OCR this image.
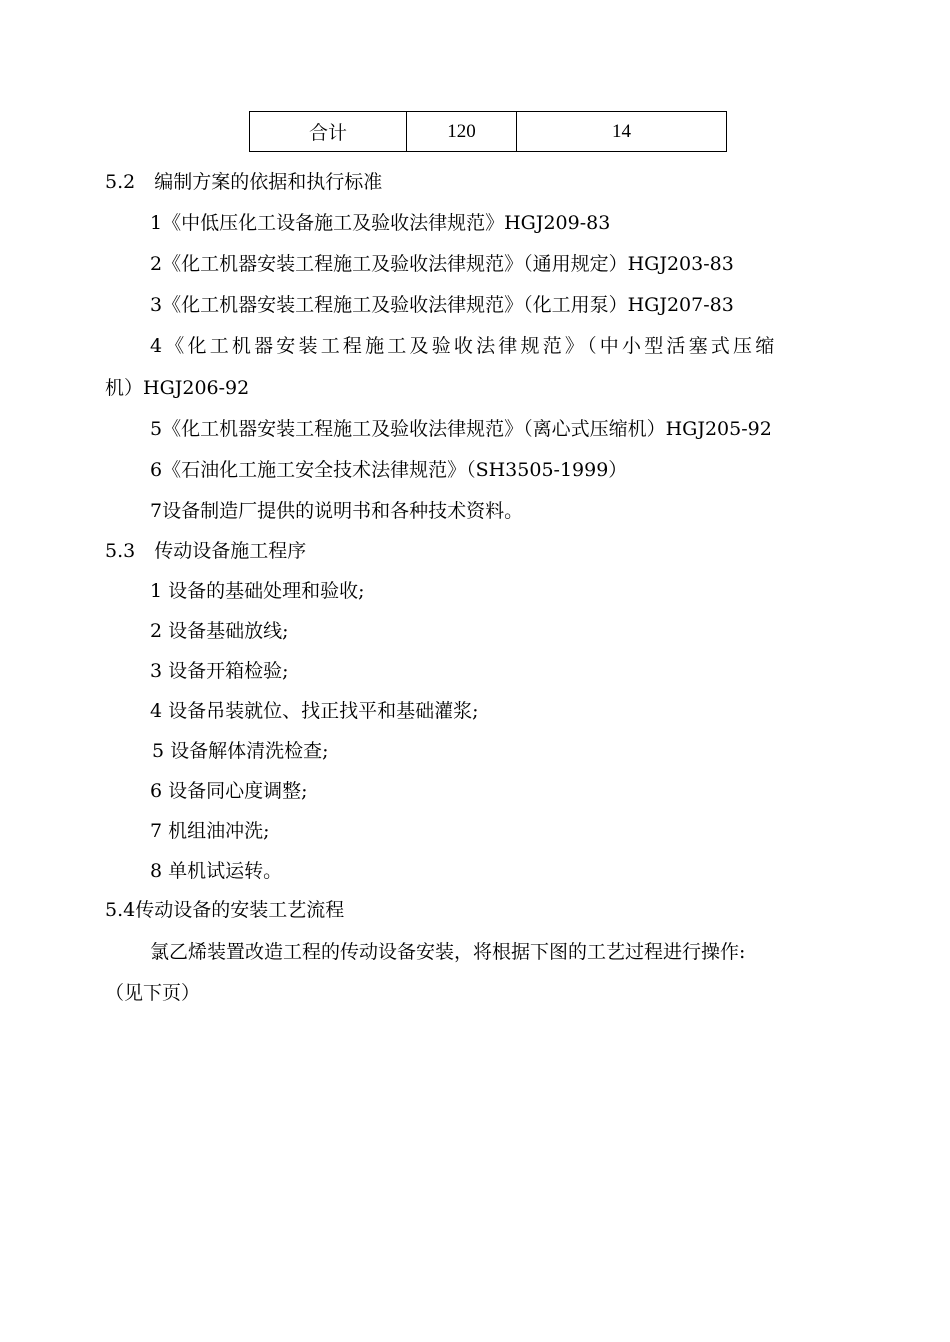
合计	120	14
5.2　编制方案的依据和执行标准
1《中低压化工设备施工及验收法律规范》HGJ209-83
2《化工机器安装工程施工及验收法律规范》（通用规定）HGJ203-83
3《化工机器安装工程施工及验收法律规范》（化工用泵）HGJ207-83
4《化工机器安装工程施工及验收法律规范》（中小型活塞式压缩
机）HGJ206-92
5《化工机器安装工程施工及验收法律规范》（离心式压缩机）HGJ205-92
6《石油化工施工安全技术法律规范》（SH3505-1999）
7设备制造厂提供的说明书和各种技术资料。
5.3　传动设备施工程序
1 设备的基础处理和验收;
2 设备基础放线;
3 设备开箱检验;
4 设备吊装就位、找正找平和基础灌浆;
5 设备解体清洗检查;
6 设备同心度调整;
7 机组油冲洗;
8 单机试运转。
5.4传动设备的安装工艺流程
氯乙烯装置改造工程的传动设备安装，将根据下图的工艺过程进行操作:
（见下页）
